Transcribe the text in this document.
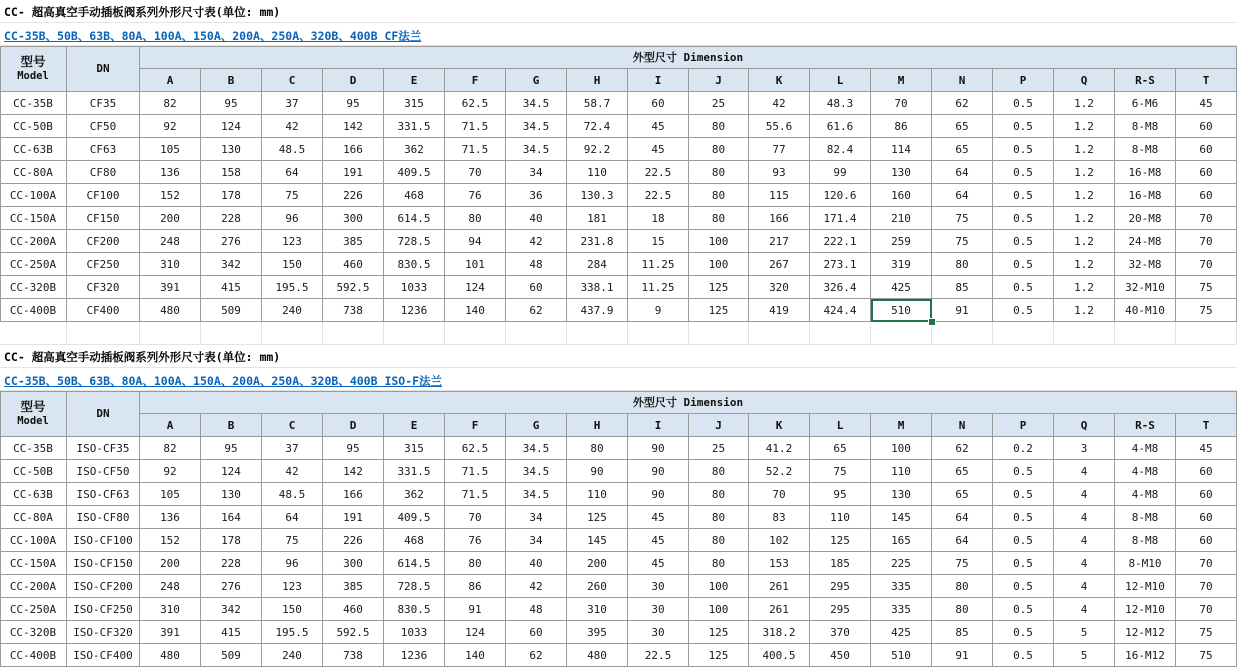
CC- 超高真空手动插板阀系列外形尺寸表(单位: mm)
CC-35B、50B、63B、80A、100A、150A、200A、250A、320B、400B CF法兰
型号
Model
DN
外型尺寸 Dimension
A	B	C	D	E	F	G	H	I	J	K	L	M	N	P	Q	R-S	T
CC-35B	CF35	82	95	37	95	315	62.5	34.5	58.7	60	25	42	48.3	70	62	0.5	1.2	6-M6	45
CC-50B	CF50	92	124	42	142	331.5	71.5	34.5	72.4	45	80	55.6	61.6	86	65	0.5	1.2	8-M8	60
CC-63B	CF63	105	130	48.5	166	362	71.5	34.5	92.2	45	80	77	82.4	114	65	0.5	1.2	8-M8	60
CC-80A	CF80	136	158	64	191	409.5	70	34	110	22.5	80	93	99	130	64	0.5	1.2	16-M8	60
CC-100A	CF100	152	178	75	226	468	76	36	130.3	22.5	80	115	120.6	160	64	0.5	1.2	16-M8	60
CC-150A	CF150	200	228	96	300	614.5	80	40	181	18	80	166	171.4	210	75	0.5	1.2	20-M8	70
CC-200A	CF200	248	276	123	385	728.5	94	42	231.8	15	100	217	222.1	259	75	0.5	1.2	24-M8	70
CC-250A	CF250	310	342	150	460	830.5	101	48	284	11.25	100	267	273.1	319	80	0.5	1.2	32-M8	70
CC-320B	CF320	391	415	195.5	592.5	1033	124	60	338.1	11.25	125	320	326.4	425	85	0.5	1.2	32-M10	75
CC-400B	CF400	480	509	240	738	1236	140	62	437.9	9	125	419	424.4	510	91	0.5	1.2	40-M10	75
CC- 超高真空手动插板阀系列外形尺寸表(单位: mm)
CC-35B、50B、63B、80A、100A、150A、200A、250A、320B、400B ISO-F法兰
型号
Model
DN
外型尺寸 Dimension
A	B	C	D	E	F	G	H	I	J	K	L	M	N	P	Q	R-S	T
CC-35B	ISO-CF35	82	95	37	95	315	62.5	34.5	80	90	25	41.2	65	100	62	0.2	3	4-M8	45
CC-50B	ISO-CF50	92	124	42	142	331.5	71.5	34.5	90	90	80	52.2	75	110	65	0.5	4	4-M8	60
CC-63B	ISO-CF63	105	130	48.5	166	362	71.5	34.5	110	90	80	70	95	130	65	0.5	4	4-M8	60
CC-80A	ISO-CF80	136	164	64	191	409.5	70	34	125	45	80	83	110	145	64	0.5	4	8-M8	60
CC-100A	ISO-CF100	152	178	75	226	468	76	34	145	45	80	102	125	165	64	0.5	4	8-M8	60
CC-150A	ISO-CF150	200	228	96	300	614.5	80	40	200	45	80	153	185	225	75	0.5	4	8-M10	70
CC-200A	ISO-CF200	248	276	123	385	728.5	86	42	260	30	100	261	295	335	80	0.5	4	12-M10	70
CC-250A	ISO-CF250	310	342	150	460	830.5	91	48	310	30	100	261	295	335	80	0.5	4	12-M10	70
CC-320B	ISO-CF320	391	415	195.5	592.5	1033	124	60	395	30	125	318.2	370	425	85	0.5	5	12-M12	75
CC-400B	ISO-CF400	480	509	240	738	1236	140	62	480	22.5	125	400.5	450	510	91	0.5	5	16-M12	75
